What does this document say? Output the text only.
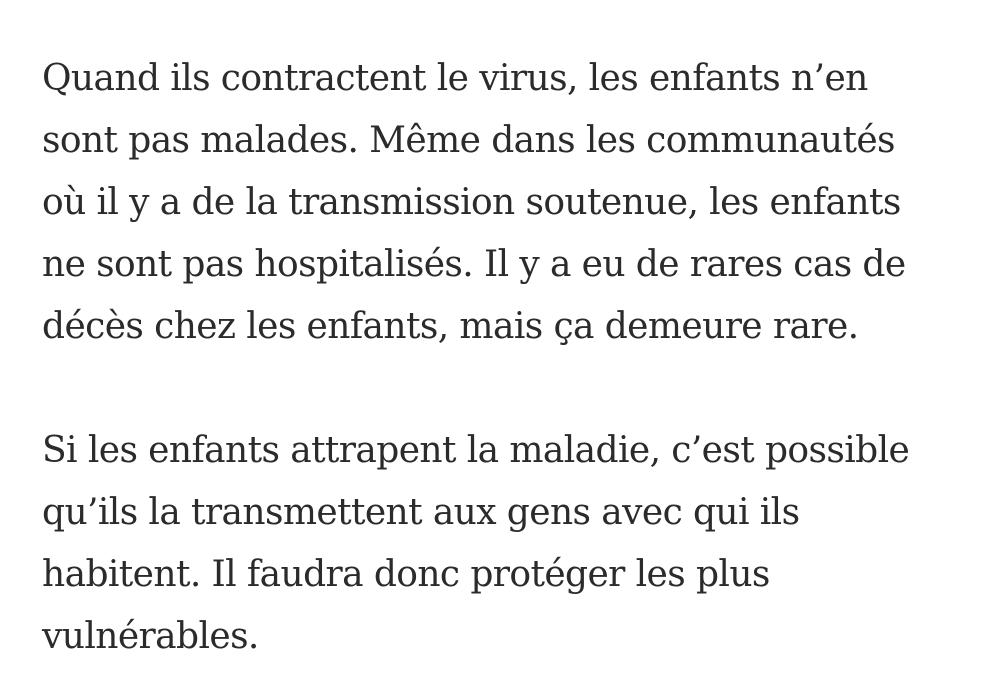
Quand ils contractent le virus, les enfants n’en
sont pas malades. Même dans les communautés
où il y a de la transmission soutenue, les enfants
ne sont pas hospitalisés. Il y a eu de rares cas de
décès chez les enfants, mais ça demeure rare.

Si les enfants attrapent la maladie, c’est possible
qu’ils la transmettent aux gens avec qui ils
habitent. Il faudra donc protéger les plus
vulnérables.
